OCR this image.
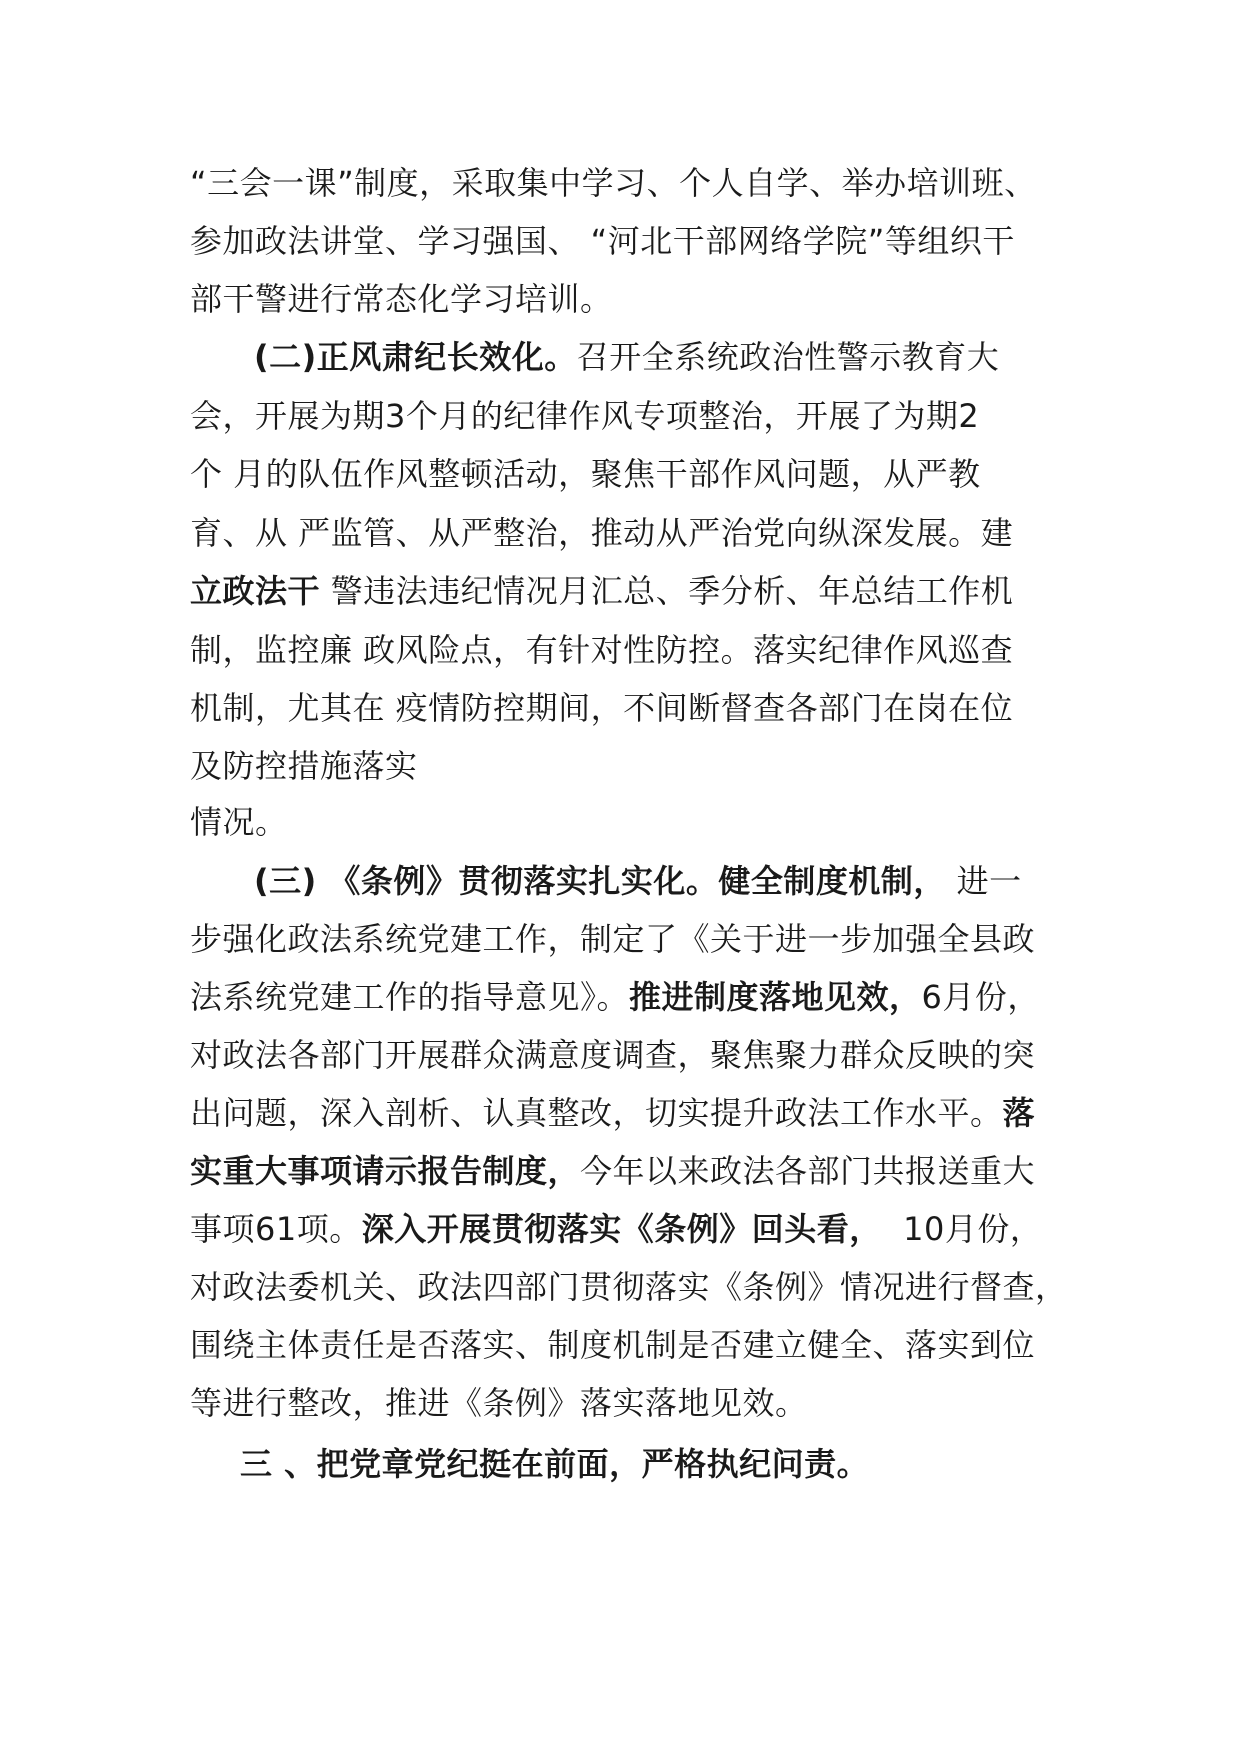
“三会一课”制度，采取集中学习、个人自学、举办培训班、
参加政法讲堂、学习强国、 “河北干部网络学院”等组织干
部干警进行常态化学习培训。
(二)正风肃纪长效化。召开全系统政治性警示教育大
会，开展为期3个月的纪律作风专项整治，开展了为期2
个 月的队伍作风整顿活动，聚焦干部作风问题，从严教
育、从 严监管、从严整治，推动从严治党向纵深发展。建
立政法干 警违法违纪情况月汇总、季分析、年总结工作机
制，监控廉 政风险点，有针对性防控。落实纪律作风巡查
机制，尤其在 疫情防控期间，不间断督查各部门在岗在位
及防控措施落实
情况。
(三) 《条例》贯彻落实扎实化。健全制度机制， 进一
步强化政法系统党建工作，制定了《关于进一步加强全县政
法系统党建工作的指导意见》。推进制度落地见效，6月份，
对政法各部门开展群众满意度调查，聚焦聚力群众反映的突
出问题，深入剖析、认真整改，切实提升政法工作水平。落
实重大事项请示报告制度，今年以来政法各部门共报送重大
事项61项。深入开展贯彻落实《条例》回头看，  10月份，
对政法委机关、政法四部门贯彻落实《条例》情况进行督查，
围绕主体责任是否落实、制度机制是否建立健全、落实到位
等进行整改，推进《条例》落实落地见效。
三 、把党章党纪挺在前面，严格执纪问责。
